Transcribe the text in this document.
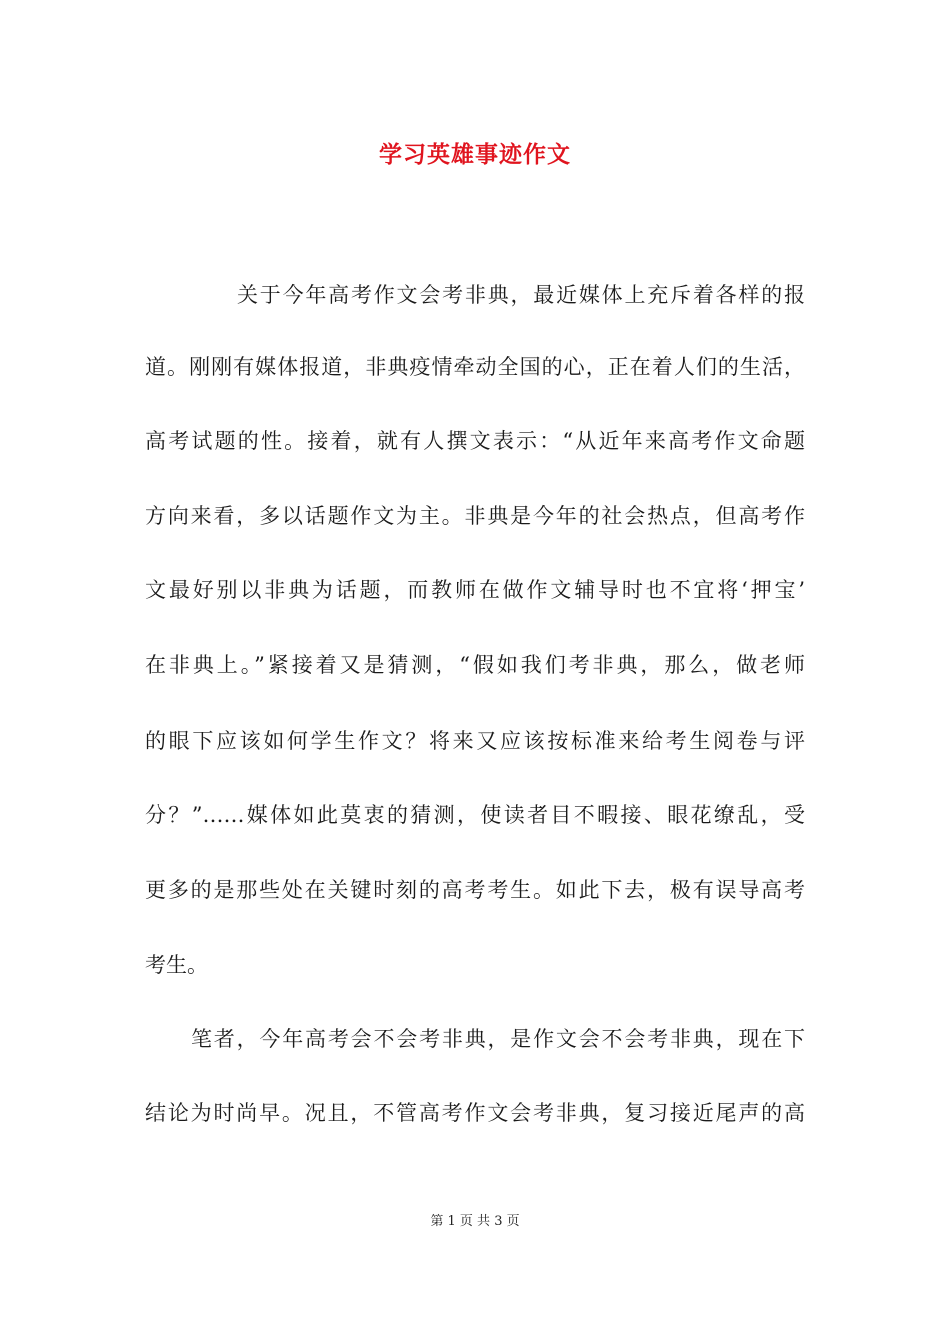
学习英雄事迹作文
关于今年高考作文会考非典，最近媒体上充斥着各样的报
道。刚刚有媒体报道，非典疫情牵动全国的心，正在着人们的生活，
高考试题的性。接着，就有人撰文表示：“从近年来高考作文命题
方向来看，多以话题作文为主。非典是今年的社会热点，但高考作
文最好别以非典为话题，而教师在做作文辅导时也不宜将‘押宝’
在非典上。”紧接着又是猜测，“假如我们考非典，那么，做老师
的眼下应该如何学生作文？将来又应该按标准来给考生阅卷与评
分？”……媒体如此莫衷的猜测，使读者目不暇接、眼花缭乱，受
更多的是那些处在关键时刻的高考考生。如此下去，极有误导高考
考生。
笔者，今年高考会不会考非典，是作文会不会考非典，现在下
结论为时尚早。况且，不管高考作文会考非典，复习接近尾声的高
第 1 页 共 3 页
